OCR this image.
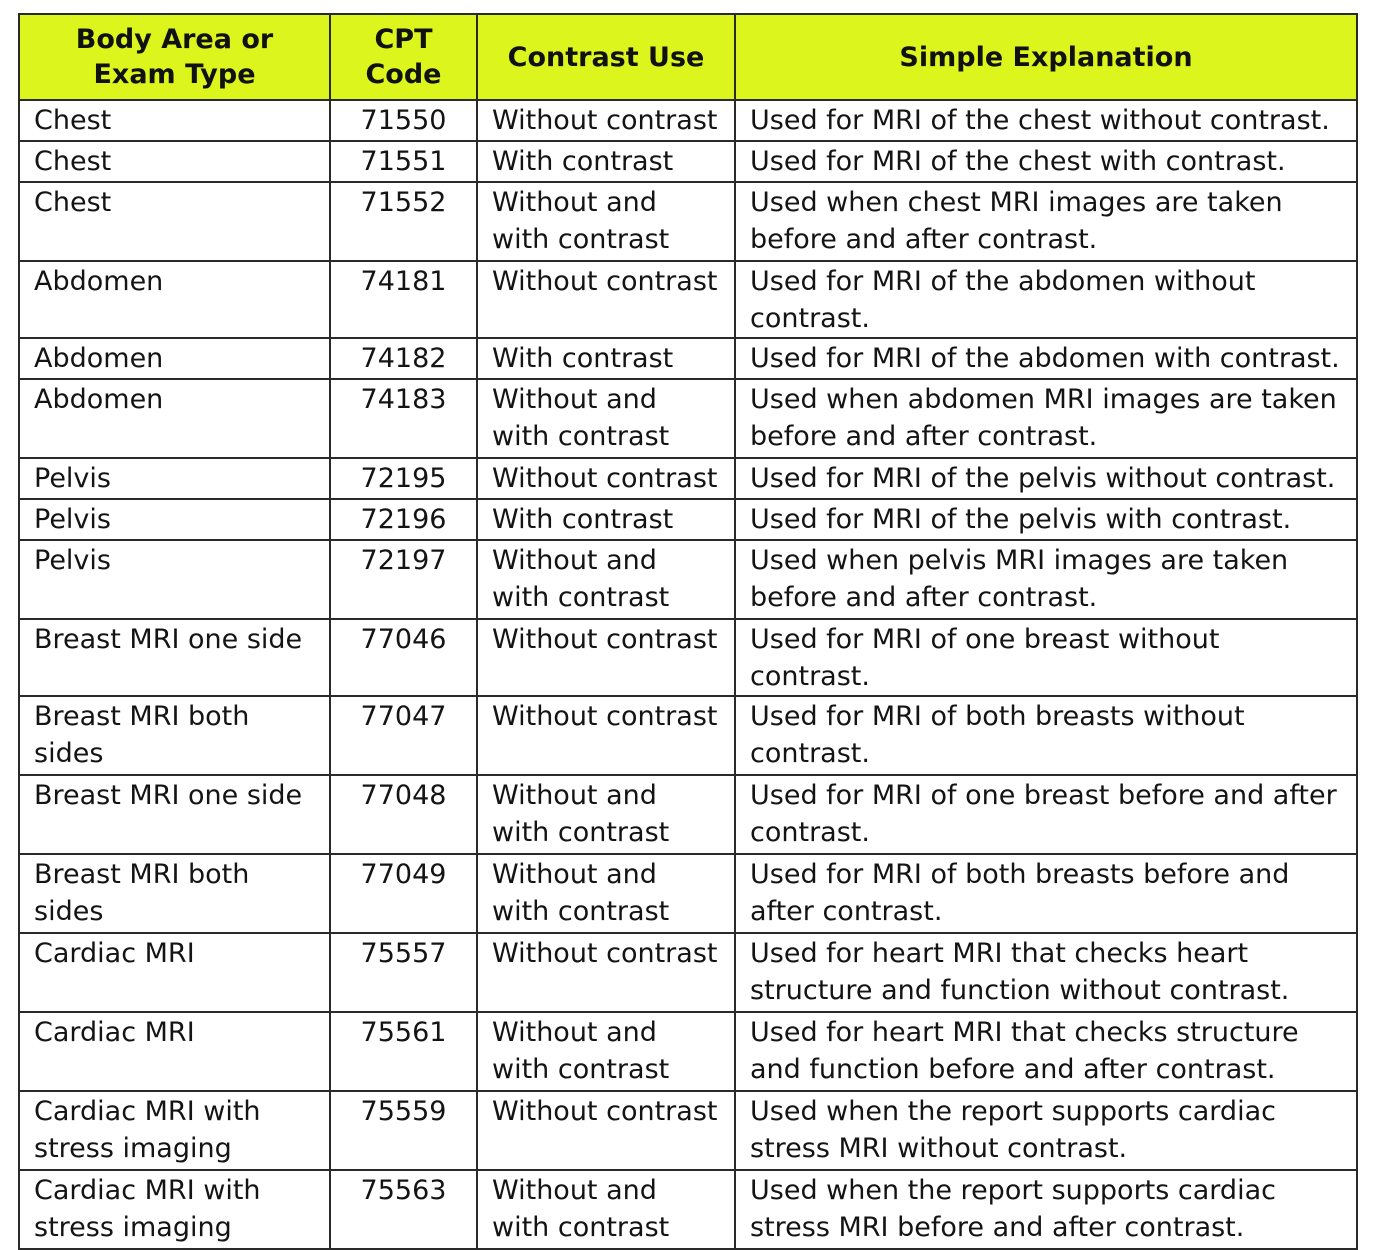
Body Area or Exam Type	CPT Code	Contrast Use	Simple Explanation
Chest	71550	Without contrast	Used for MRI of the chest without contrast.
Chest	71551	With contrast	Used for MRI of the chest with contrast.
Chest	71552	Without and with contrast	Used when chest MRI images are taken before and after contrast.
Abdomen	74181	Without contrast	Used for MRI of the abdomen without contrast.
Abdomen	74182	With contrast	Used for MRI of the abdomen with contrast.
Abdomen	74183	Without and with contrast	Used when abdomen MRI images are taken before and after contrast.
Pelvis	72195	Without contrast	Used for MRI of the pelvis without contrast.
Pelvis	72196	With contrast	Used for MRI of the pelvis with contrast.
Pelvis	72197	Without and with contrast	Used when pelvis MRI images are taken before and after contrast.
Breast MRI one side	77046	Without contrast	Used for MRI of one breast without contrast.
Breast MRI both sides	77047	Without contrast	Used for MRI of both breasts without contrast.
Breast MRI one side	77048	Without and with contrast	Used for MRI of one breast before and after contrast.
Breast MRI both sides	77049	Without and with contrast	Used for MRI of both breasts before and after contrast.
Cardiac MRI	75557	Without contrast	Used for heart MRI that checks heart structure and function without contrast.
Cardiac MRI	75561	Without and with contrast	Used for heart MRI that checks structure and function before and after contrast.
Cardiac MRI with stress imaging	75559	Without contrast	Used when the report supports cardiac stress MRI without contrast.
Cardiac MRI with stress imaging	75563	Without and with contrast	Used when the report supports cardiac stress MRI before and after contrast.
